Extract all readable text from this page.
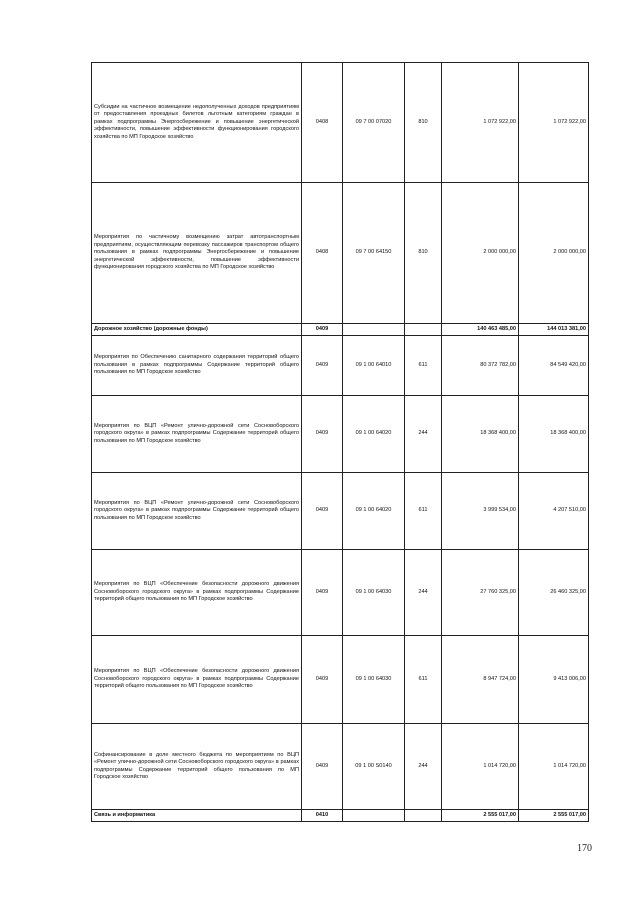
Субсидии на частичное возмещение недополученных доходов предприятиям от предоставления проездных билетов льготным категориям граждан в рамках подпрограммы Энергосбережение и повышение энергетической эффективности, повышение эффективности функционирования городского хозяйства по МП Городское хозяйство	0408	09 7 00 07020	810	1 072 922,00	1 072 922,00
Мероприятия по частичному возмещению затрат автотранспортным предприятиям, осуществляющим перевозку пассажиров транспортом общего пользования в рамках подпрограммы Энергосбережение и повышение энергетической эффективности, повышение эффективности функционирования городского хозяйства по МП Городское хозяйство	0408	09 7 00 64150	810	2 000 000,00	2 000 000,00
Дорожное хозяйство (дорожные фонды)	0409			140 463 485,00	144 013 381,00
Мероприятия по Обеспечению санитарного содержания территорий общего пользования в рамках подпрограммы Содержание территорий общего пользования по МП Городское хозяйство	0409	09 1 00 64010	611	80 372 782,00	84 549 420,00
Мероприятия по ВЦП «Ремонт улично-дорожной сети Сосновоборского городского округа» в рамках подпрограммы Содержание территорий общего пользования по МП Городское хозяйство	0409	09 1 00 64020	244	18 368 400,00	18 368 400,00
Мероприятия по ВЦП «Ремонт улично-дорожной сети Сосновоборского городского округа» в рамках подпрограммы Содержание территорий общего пользования по МП Городское хозяйство	0409	09 1 00 64020	611	3 999 534,00	4 207 510,00
Мероприятия по ВЦП «Обеспечение безопасности дорожного движения Сосновоборского городского округа» в рамках подпрограммы Содержание территорий общего пользования по МП Городское хозяйство	0409	09 1 00 64030	244	27 760 325,00	26 460 325,00
Мероприятия по ВЦП «Обеспечение безопасности дорожного движения Сосновоборского городского округа» в рамках подпрограммы Содержание территорий общего пользования по МП Городское хозяйство	0409	09 1 00 64030	611	8 947 724,00	9 413 006,00
Софинансирование в доле местного бюджета по мероприятиям по ВЦП «Ремонт улично-дорожной сети Сосновоборского городского округа» в рамках подпрограммы Содержание территорий общего пользования по МП Городское хозяйство	0409	09 1 00 S0140	244	1 014 720,00	1 014 720,00
Связь и информатика	0410			2 555 017,00	2 555 017,00
170
